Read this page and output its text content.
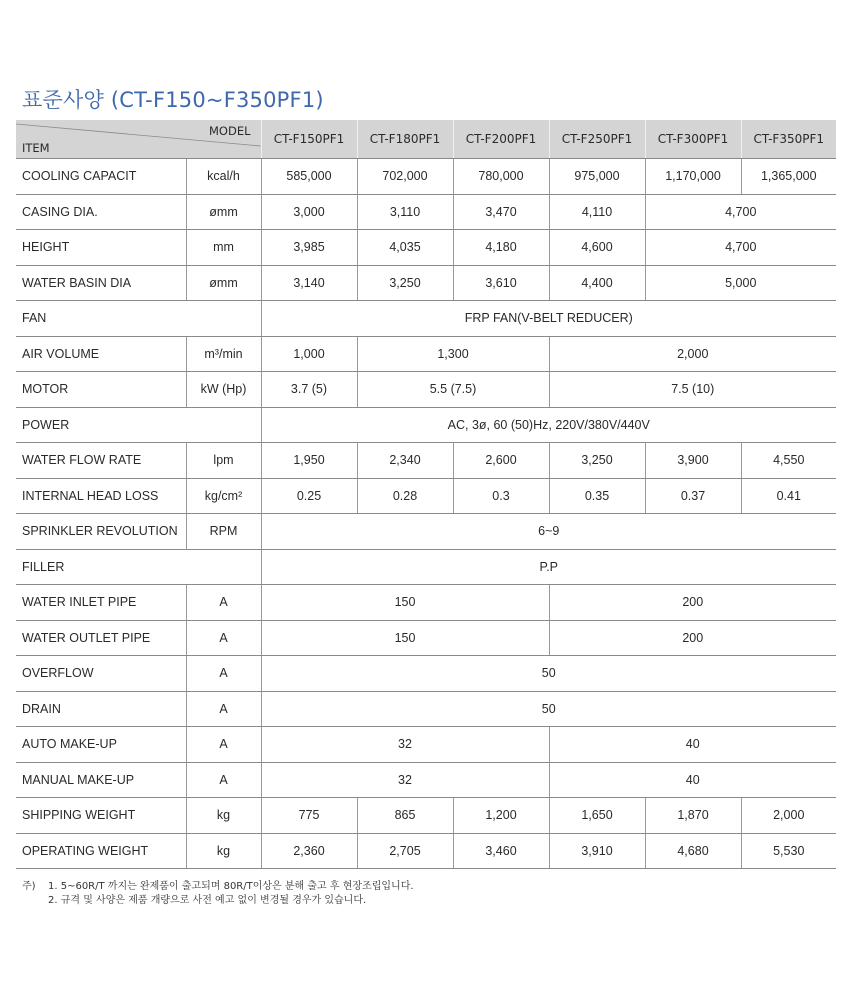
표준사양 (CT-F150~F350PF1)
MODEL
ITEM		CT-F150PF1	CT-F180PF1	CT-F200PF1	CT-F250PF1	CT-F300PF1	CT-F350PF1
COOLING CAPACIT	kcal/h	585,000	702,000	780,000	975,000	1,170,000	1,365,000
CASING DIA.	ømm	3,000	3,110	3,470	4,110	4,700	
HEIGHT	mm	3,985	4,035	4,180	4,600	4,700	
WATER BASIN DIA	ømm	3,140	3,250	3,610	4,400	5,000	
FAN		FRP FAN(V-BELT REDUCER)					
AIR VOLUME	m³/min	1,000	1,300		2,000		
MOTOR	kW (Hp)	3.7 (5)	5.5 (7.5)		7.5 (10)		
POWER		AC, 3ø, 60 (50)Hz, 220V/380V/440V					
WATER FLOW RATE	lpm	1,950	2,340	2,600	3,250	3,900	4,550
INTERNAL HEAD LOSS	kg/cm²	0.25	0.28	0.3	0.35	0.37	0.41
SPRINKLER REVOLUTION	RPM	6~9					
FILLER		P.P					
WATER INLET PIPE	A	150			200		
WATER OUTLET PIPE	A	150			200		
OVERFLOW	A	50					
DRAIN	A	50					
AUTO MAKE-UP	A	32			40		
MANUAL MAKE-UP	A	32			40		
SHIPPING WEIGHT	kg	775	865	1,200	1,650	1,870	2,000
OPERATING WEIGHT	kg	2,360	2,705	3,460	3,910	4,680	5,530
주) 1. 5~60R/T 까지는 완제품이 출고되며 80R/T이상은 분해 출고 후 현장조립입니다.
2. 규격 및 사양은 제품 개량으로 사전 예고 없이 변경될 경우가 있습니다.
